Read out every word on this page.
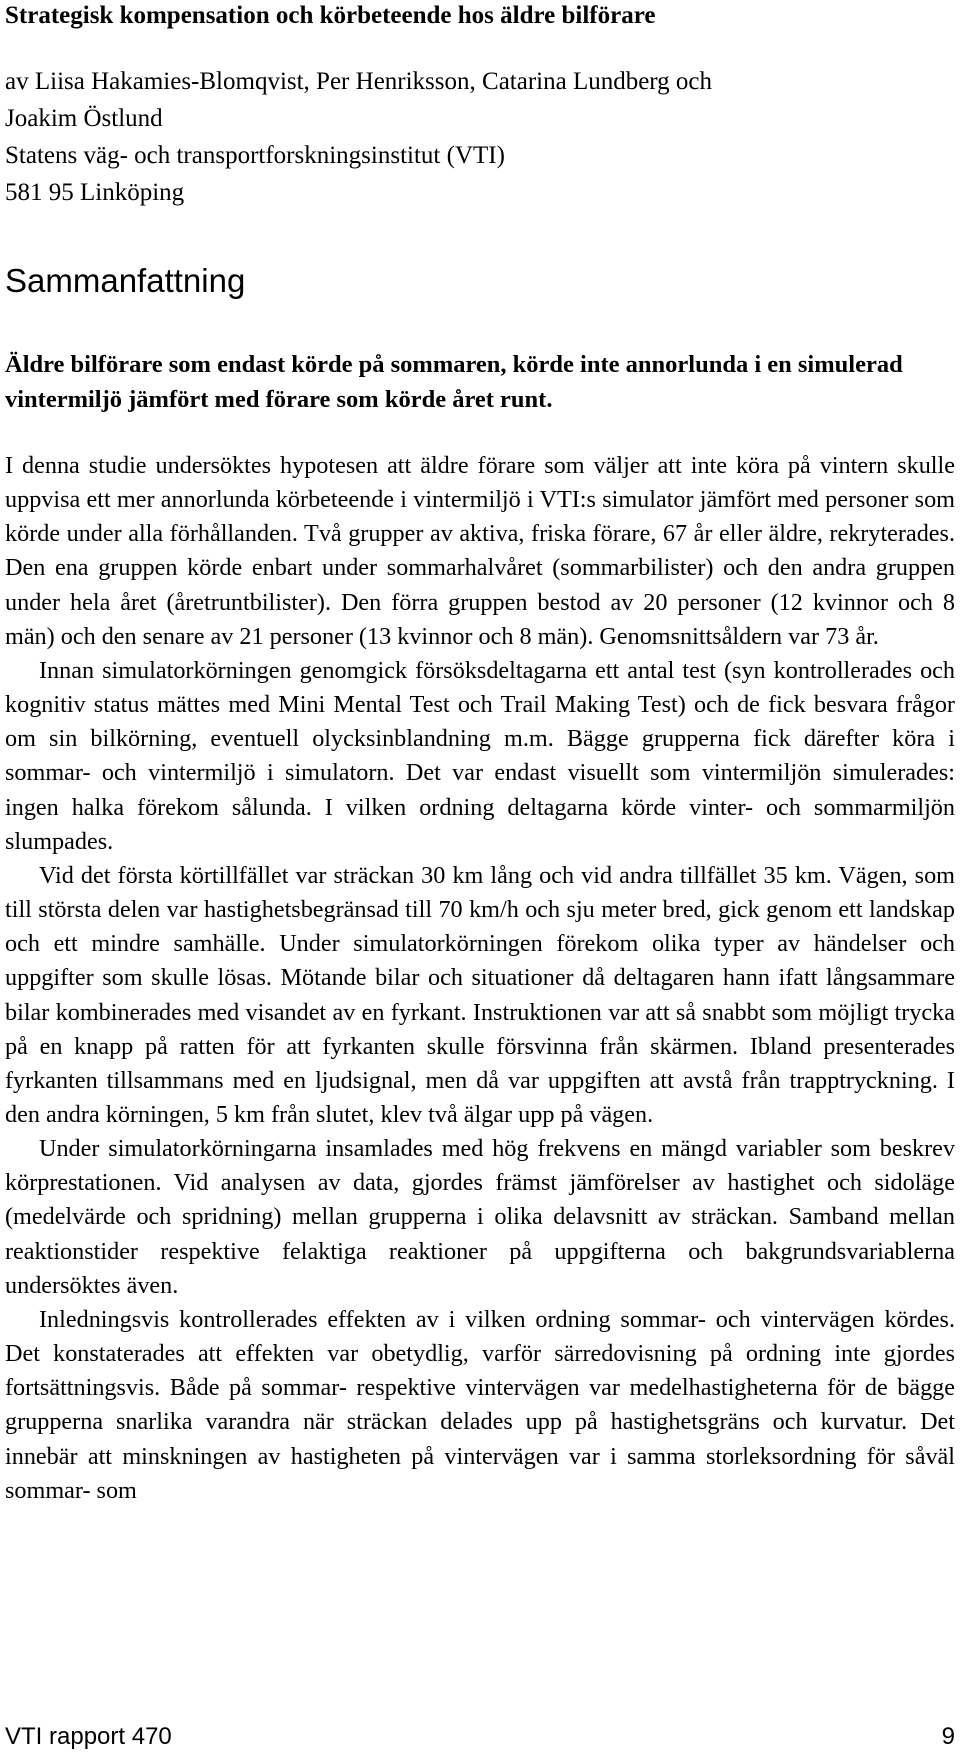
Strategisk kompensation och körbeteende hos äldre bilförare
av Liisa Hakamies-Blomqvist, Per Henriksson, Catarina Lundberg och
Joakim Östlund
Statens väg- och transportforskningsinstitut (VTI)
581 95 Linköping
Sammanfattning

Äldre bilförare som endast körde på sommaren, körde inte annorlunda i en simulerad vintermiljö jämfört med förare som körde året runt.

I denna studie undersöktes hypotesen att äldre förare som väljer att inte köra på vintern skulle uppvisa ett mer annorlunda körbeteende i vintermiljö i VTI:s simulator jämfört med personer som körde under alla förhållanden. Två grupper av aktiva, friska förare, 67 år eller äldre, rekryterades. Den ena gruppen körde enbart under sommarhalvåret (sommarbilister) och den andra gruppen under hela året (åretruntbilister). Den förra gruppen bestod av 20 personer (12 kvinnor och 8 män) och den senare av 21 personer (13 kvinnor och 8 män). Genomsnittsåldern var 73 år.

Innan simulatorkörningen genomgick försöksdeltagarna ett antal test (syn kontrollerades och kognitiv status mättes med Mini Mental Test och Trail Making Test) och de fick besvara frågor om sin bilkörning, eventuell olycksinblandning m.m. Bägge grupperna fick därefter köra i sommar- och vintermiljö i simulatorn. Det var endast visuellt som vintermiljön simulerades: ingen halka förekom sålunda. I vilken ordning deltagarna körde vinter- och sommarmiljön slumpades.

Vid det första körtillfället var sträckan 30 km lång och vid andra tillfället 35 km. Vägen, som till största delen var hastighetsbegränsad till 70 km/h och sju meter bred, gick genom ett landskap och ett mindre samhälle. Under simulatorkörningen förekom olika typer av händelser och uppgifter som skulle lösas. Mötande bilar och situationer då deltagaren hann ifatt långsammare bilar kombinerades med visandet av en fyrkant. Instruktionen var att så snabbt som möjligt trycka på en knapp på ratten för att fyrkanten skulle försvinna från skärmen. Ibland presenterades fyrkanten tillsammans med en ljudsignal, men då var uppgiften att avstå från trapptryckning. I den andra körningen, 5 km från slutet, klev två älgar upp på vägen.

Under simulatorkörningarna insamlades med hög frekvens en mängd variabler som beskrev körprestationen. Vid analysen av data, gjordes främst jämförelser av hastighet och sidoläge (medelvärde och spridning) mellan grupperna i olika delavsnitt av sträckan. Samband mellan reaktionstider respektive felaktiga reaktioner på uppgifterna och bakgrundsvariablerna undersöktes även.

Inledningsvis kontrollerades effekten av i vilken ordning sommar- och vintervägen kördes. Det konstaterades att effekten var obetydlig, varför särredovisning på ordning inte gjordes fortsättningsvis. Både på sommar- respektive vintervägen var medelhastigheterna för de bägge grupperna snarlika varandra när sträckan delades upp på hastighetsgräns och kurvatur. Det innebär att minskningen av hastigheten på vintervägen var i samma storleksordning för såväl sommar- som

VTI rapport 470	9
